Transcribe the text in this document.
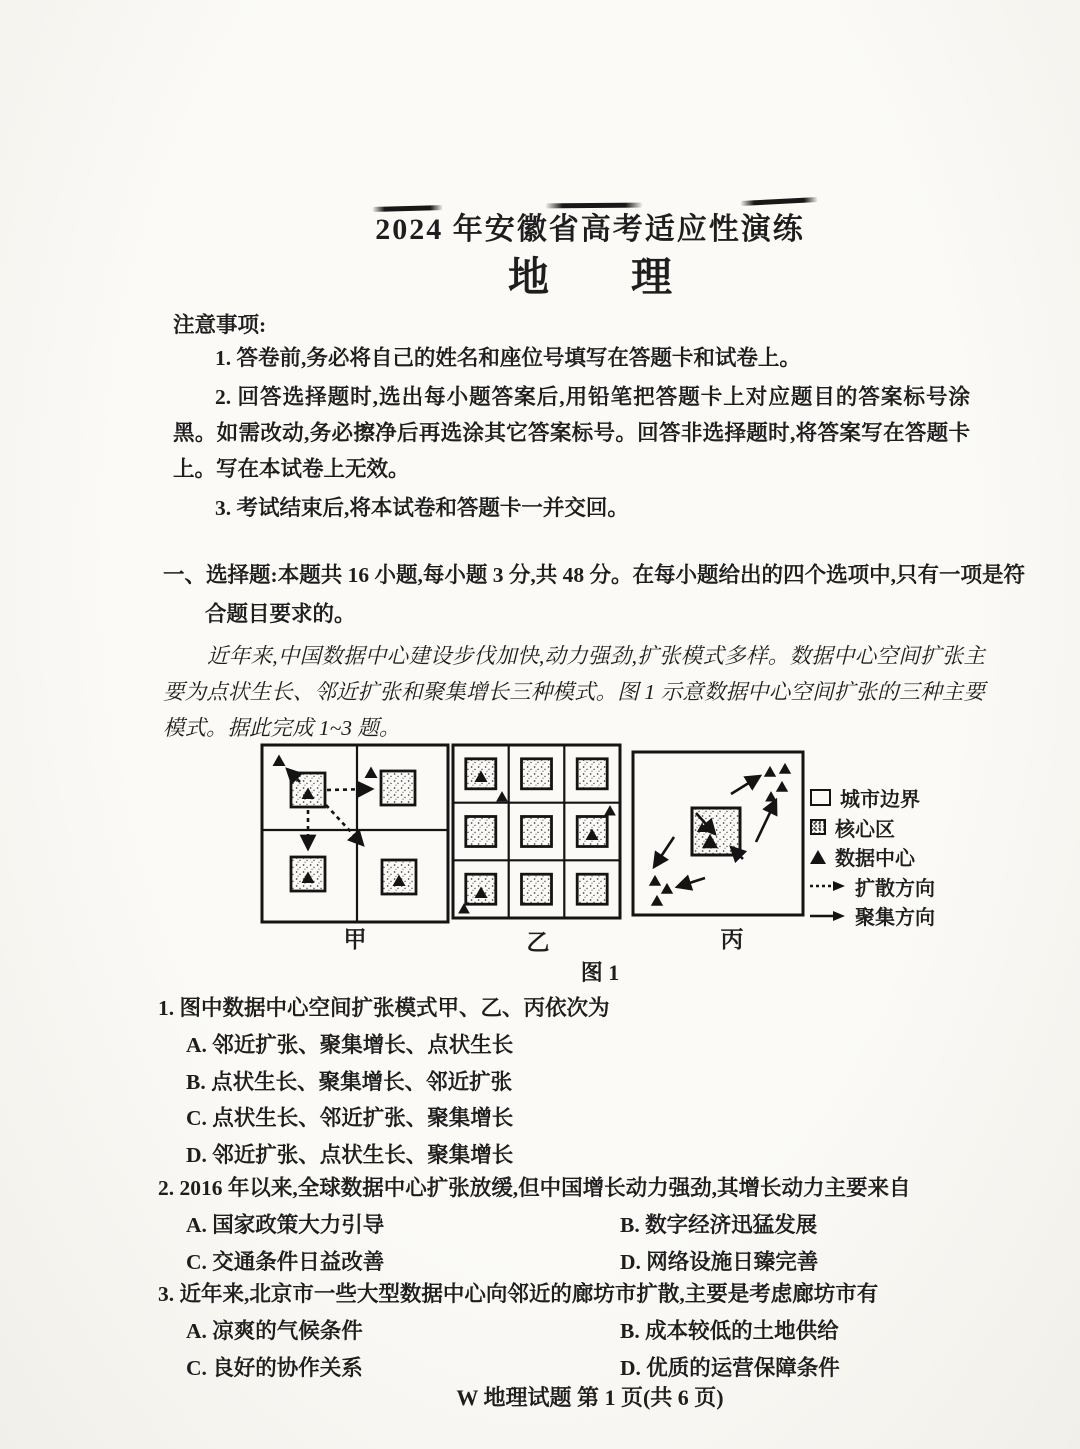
2024 年安徽省高考适应性演练
地　　理
注意事项:

1. 答卷前,务必将自己的姓名和座位号填写在答题卡和试卷上。

2. 回答选择题时,选出每小题答案后,用铅笔把答题卡上对应题目的答案标号涂黑。如需改动,务必擦净后再选涂其它答案标号。回答非选择题时,将答案写在答题卡上。写在本试卷上无效。

3. 考试结束后,将本试卷和答题卡一并交回。

一、选择题:本题共 16 小题,每小题 3 分,共 48 分。在每小题给出的四个选项中,只有一项是符合题目要求的。
近年来,中国数据中心建设步伐加快,动力强劲,扩张模式多样。数据中心空间扩张主要为点状生长、邻近扩张和聚集增长三种模式。图 1 示意数据中心空间扩张的三种主要模式。据此完成 1~3 题。
甲	乙	丙
城市边界
核心区
数据中心
扩散方向
聚集方向
图 1

1. 图中数据中心空间扩张模式甲、乙、丙依次为

A. 邻近扩张、聚集增长、点状生长

B. 点状生长、聚集增长、邻近扩张

C. 点状生长、邻近扩张、聚集增长

D. 邻近扩张、点状生长、聚集增长

2. 2016 年以来,全球数据中心扩张放缓,但中国增长动力强劲,其增长动力主要来自

A. 国家政策大力引导	B. 数字经济迅猛发展

C. 交通条件日益改善	D. 网络设施日臻完善

3. 近年来,北京市一些大型数据中心向邻近的廊坊市扩散,主要是考虑廊坊市有

A. 凉爽的气候条件	B. 成本较低的土地供给

C. 良好的协作关系	D. 优质的运营保障条件

W 地理试题 第 1 页(共 6 页)
